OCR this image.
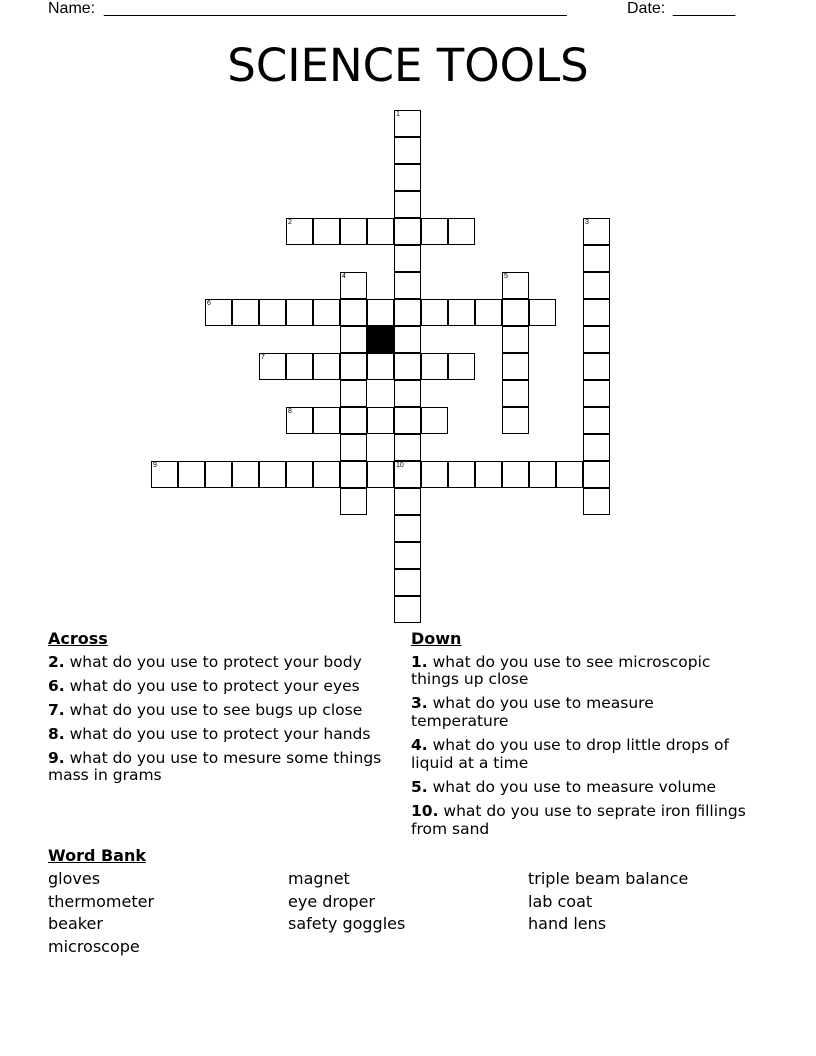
Name: ____________________________________________________	Date: _______
SCIENCE TOOLS
1
2	3
4	5
6
7
8
9	10
Across
2. what do you use to protect your body
6. what do you use to protect your eyes
7. what do you use to see bugs up close
8. what do you use to protect your hands
9. what do you use to mesure some things
mass in grams
Down
1. what do you use to see microscopic
things up close
3. what do you use to measure
temperature
4. what do you use to drop little drops of
liquid at a time
5. what do you use to measure volume
10. what do you use to seprate iron fillings
from sand
Word Bank
gloves
thermometer
beaker
microscope
magnet
eye droper
safety goggles
triple beam balance
lab coat
hand lens
